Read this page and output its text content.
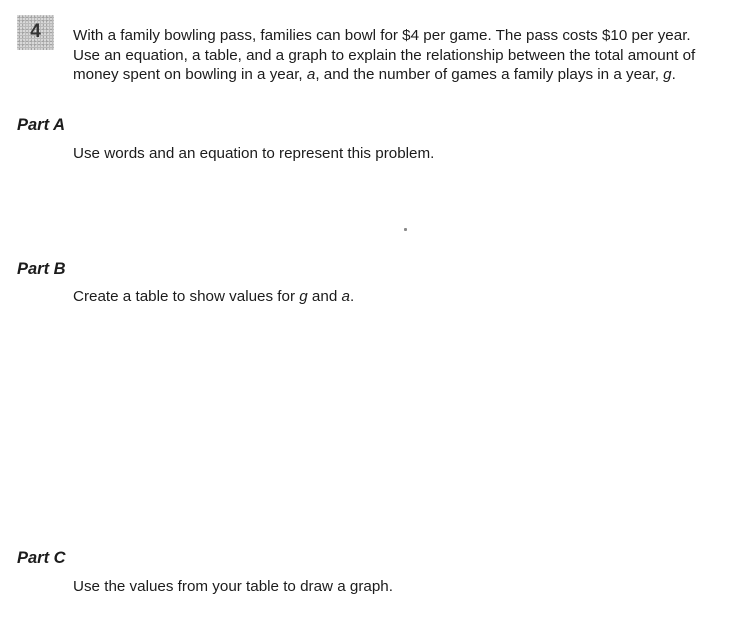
4 With a family bowling pass, families can bowl for $4 per game. The pass costs $10 per year.
Use an equation, a table, and a graph to explain the relationship between the total amount of
money spent on bowling in a year, a, and the number of games a family plays in a year, g.

Part A

Use words and an equation to represent this problem.

Part B

Create a table to show values for g and a.

Part C

Use the values from your table to draw a graph.
